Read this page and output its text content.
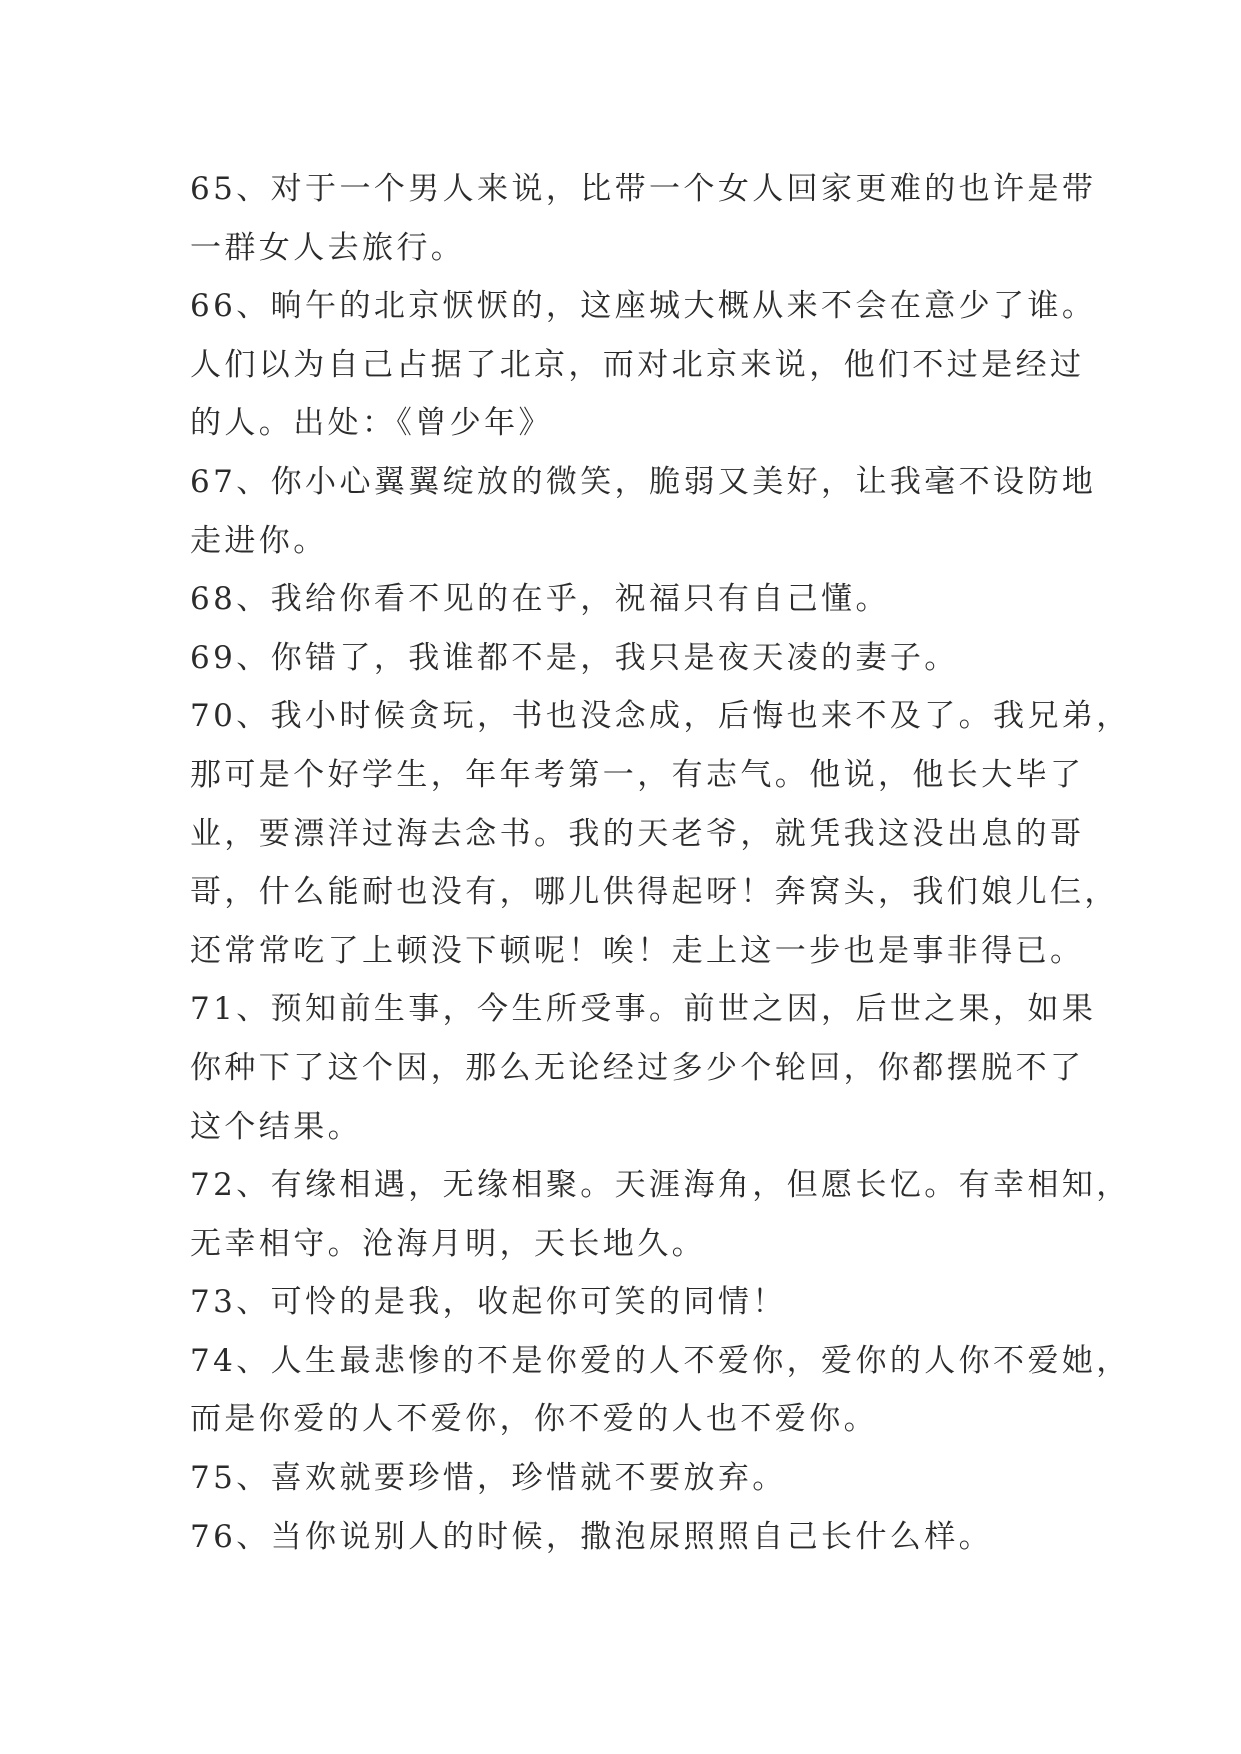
65、对于一个男人来说，比带一个女人回家更难的也许是带
一群女人去旅行。
66、晌午的北京恹恹的，这座城大概从来不会在意少了谁。
人们以为自己占据了北京，而对北京来说，他们不过是经过
的人。出处：《曾少年》
67、你小心翼翼绽放的微笑，脆弱又美好，让我毫不设防地
走进你。
68、我给你看不见的在乎，祝福只有自己懂。
69、你错了，我谁都不是，我只是夜天凌的妻子。
70、我小时候贪玩，书也没念成，后悔也来不及了。我兄弟，
那可是个好学生，年年考第一，有志气。他说，他长大毕了
业，要漂洋过海去念书。我的天老爷，就凭我这没出息的哥
哥，什么能耐也没有，哪儿供得起呀！奔窝头，我们娘儿仨，
还常常吃了上顿没下顿呢！唉！走上这一步也是事非得已。
71、预知前生事，今生所受事。前世之因，后世之果，如果
你种下了这个因，那么无论经过多少个轮回，你都摆脱不了
这个结果。
72、有缘相遇，无缘相聚。天涯海角，但愿长忆。有幸相知，
无幸相守。沧海月明，天长地久。
73、可怜的是我，收起你可笑的同情！
74、人生最悲惨的不是你爱的人不爱你，爱你的人你不爱她，
而是你爱的人不爱你，你不爱的人也不爱你。
75、喜欢就要珍惜，珍惜就不要放弃。
76、当你说别人的时候，撒泡尿照照自己长什么样。
